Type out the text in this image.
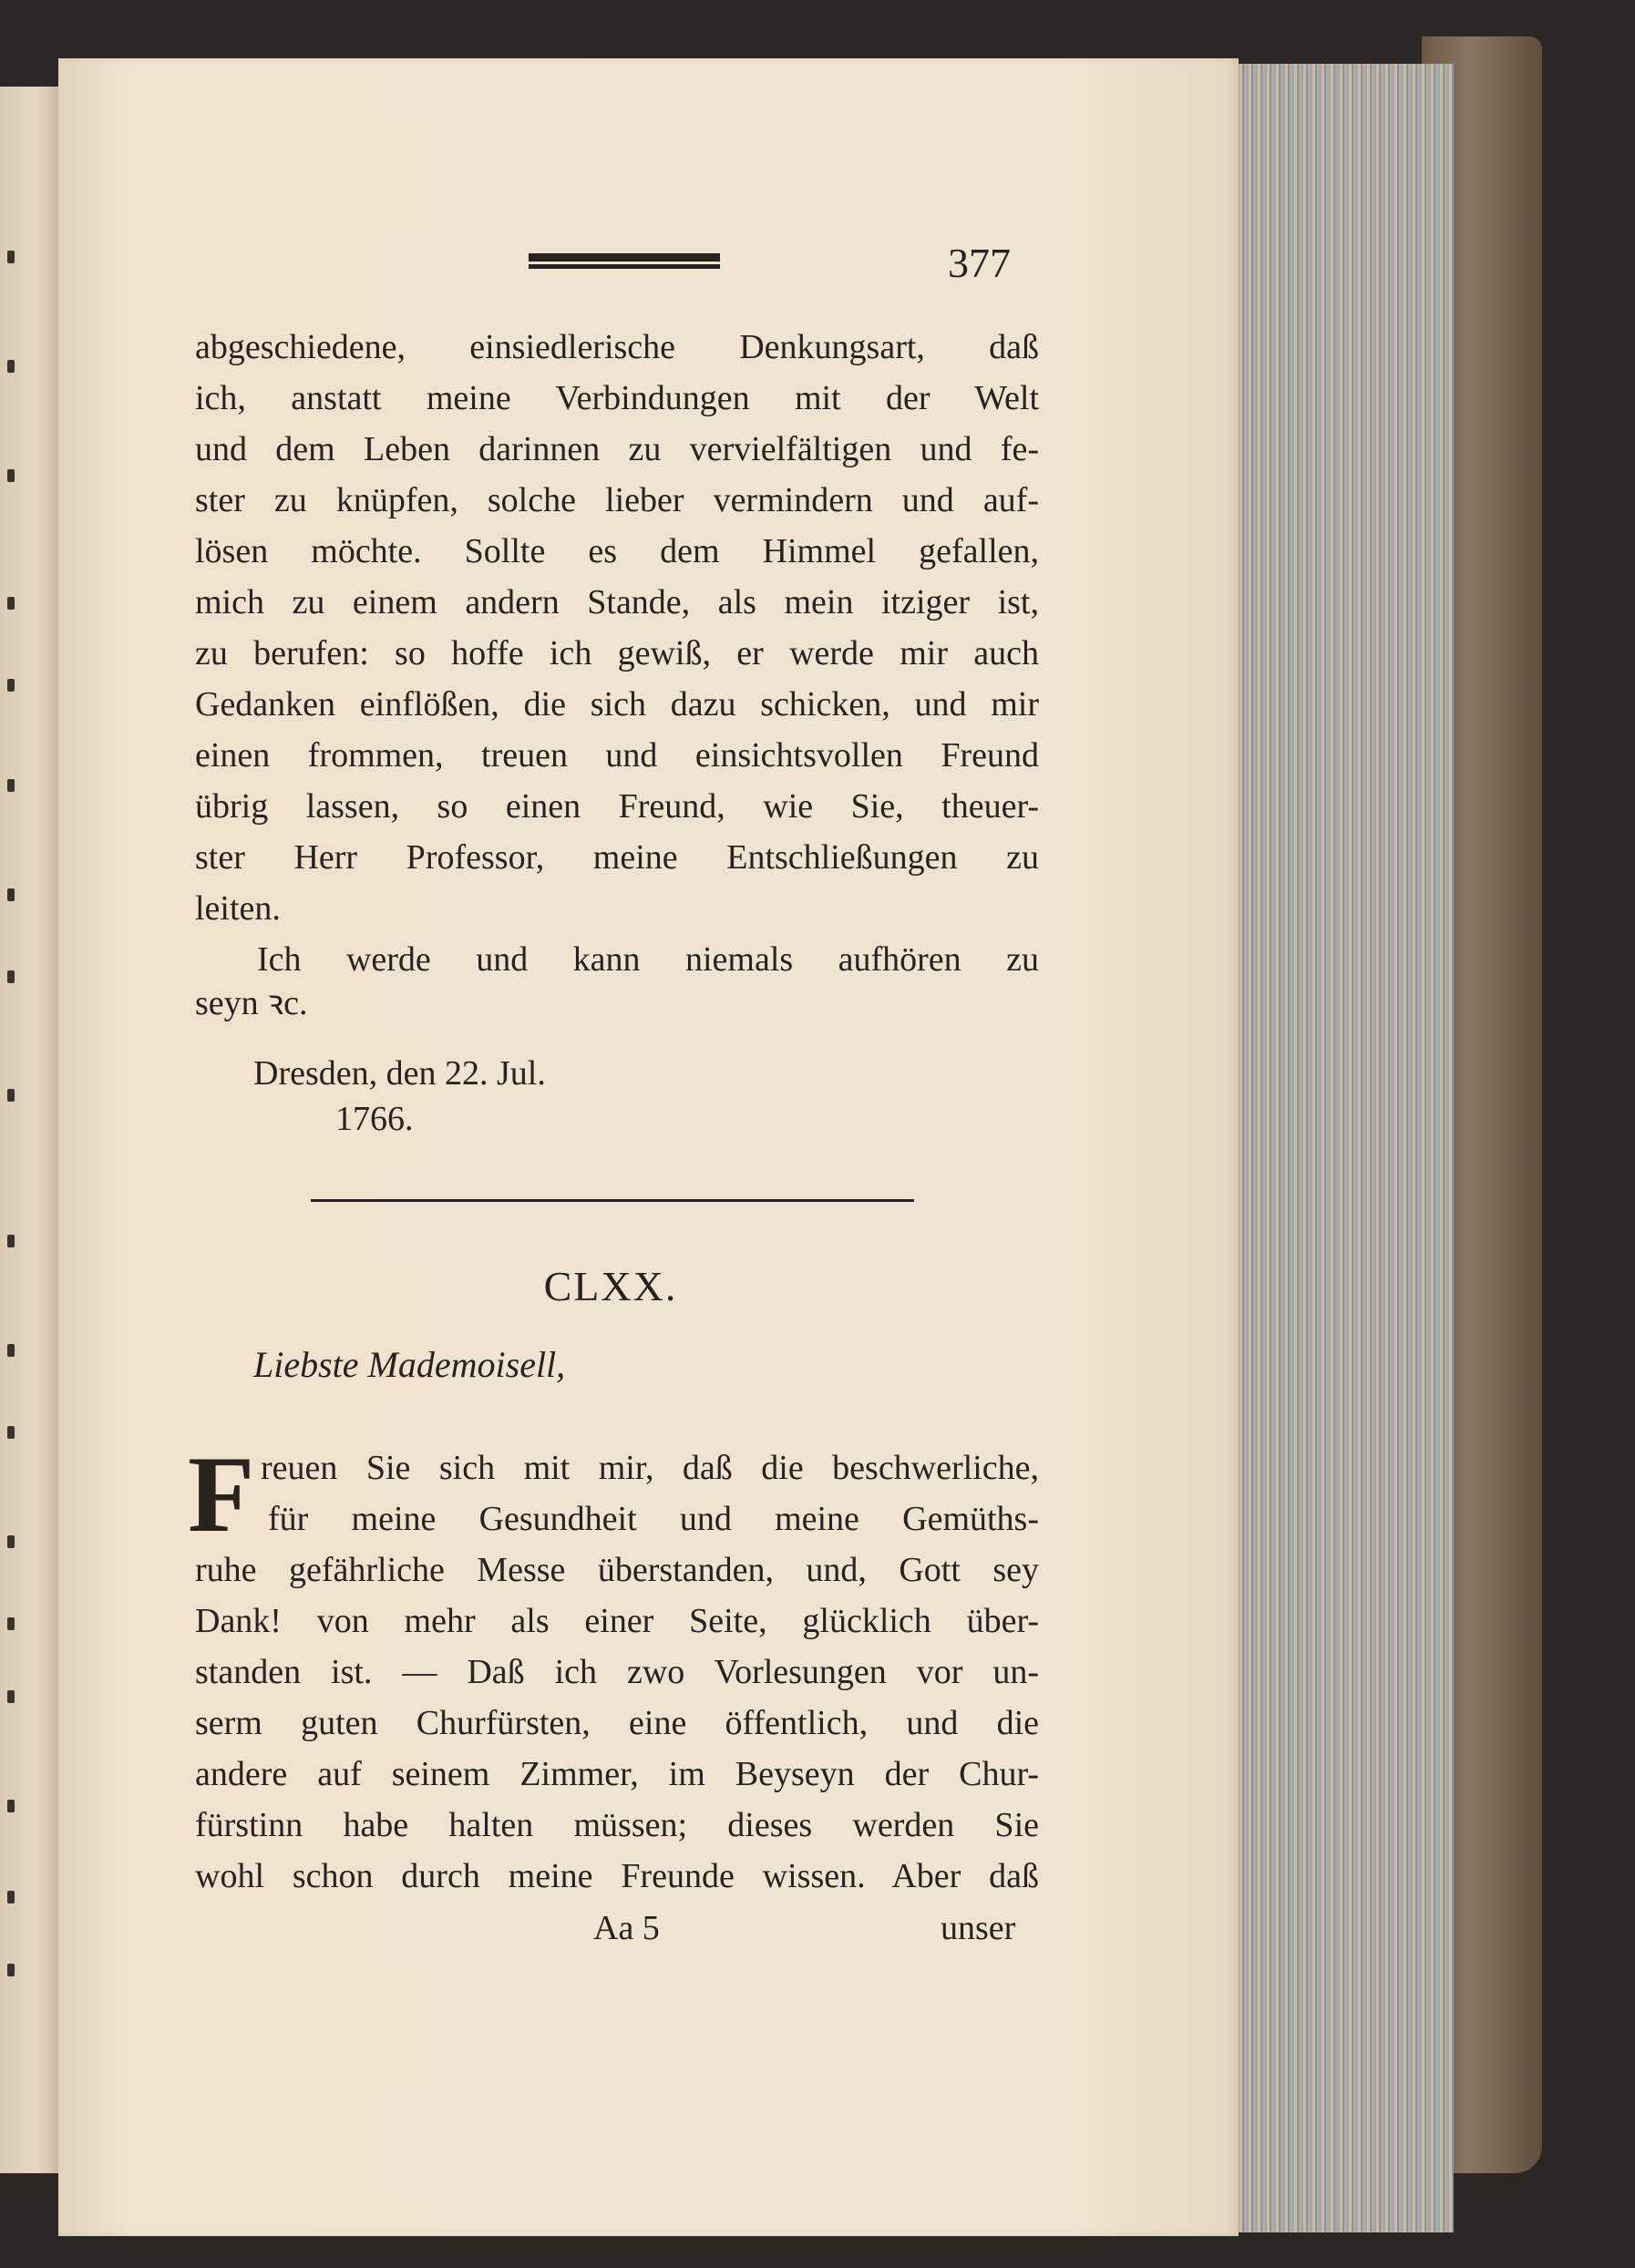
377
abgeschiedene, einsiedlerische Denkungsart, daß
ich, anstatt meine Verbindungen mit der Welt
und dem Leben darinnen zu vervielfältigen und fe-
ster zu knüpfen, solche lieber vermindern und auf-
lösen möchte. Sollte es dem Himmel gefallen,
mich zu einem andern Stande, als mein itziger ist,
zu berufen: so hoffe ich gewiß, er werde mir auch
Gedanken einflößen, die sich dazu schicken, und mir
einen frommen, treuen und einsichtsvollen Freund
übrig lassen, so einen Freund, wie Sie, theuer-
ster Herr Professor, meine Entschließungen zu
leiten.
Ich werde und kann niemals aufhören zu
seyn ꝛc.
Dresden, den 22. Jul.
1766.
CLXX.
Liebste Mademoisell,
F reuen Sie sich mit mir, daß die beschwerliche,
für meine Gesundheit und meine Gemüths-
ruhe gefährliche Messe überstanden, und, Gott sey
Dank! von mehr als einer Seite, glücklich über-
standen ist. — Daß ich zwo Vorlesungen vor un-
serm guten Churfürsten, eine öffentlich, und die
andere auf seinem Zimmer, im Beyseyn der Chur-
fürstinn habe halten müssen; dieses werden Sie
wohl schon durch meine Freunde wissen. Aber daß
Aa 5	unser
